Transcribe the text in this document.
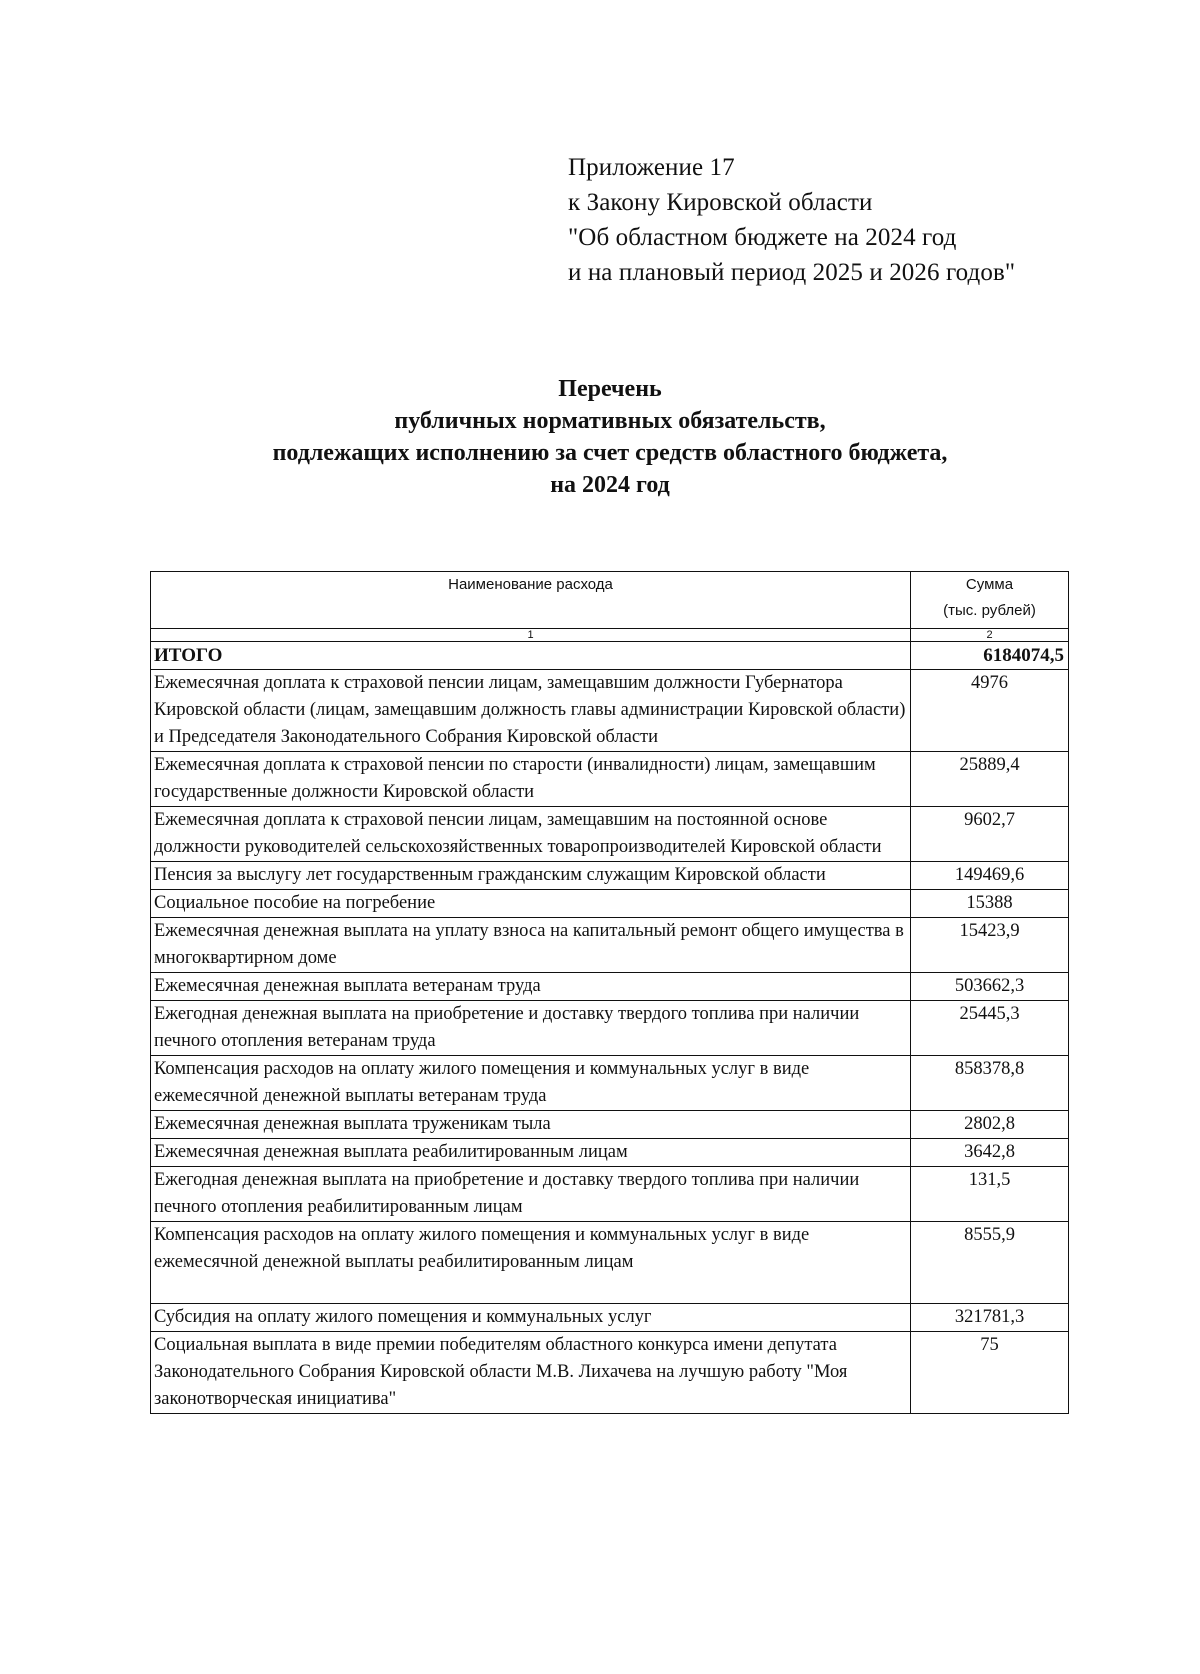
Приложение 17
к Закону Кировской области
"Об областном бюджете на 2024 год
и на плановый период 2025 и 2026 годов"
Перечень
публичных нормативных обязательств,
подлежащих исполнению за счет средств областного бюджета,
на 2024 год
Наименование расхода	Сумма
(тыс. рублей)

1	2
ИТОГО	6184074,5
Ежемесячная доплата к страховой пенсии лицам, замещавшим должности Губернатора Кировской области (лицам, замещавшим должность главы администрации Кировской области) и Председателя Законодательного Собрания Кировской области	4976
Ежемесячная доплата к страховой пенсии по старости (инвалидности) лицам, замещавшим государственные должности Кировской области	25889,4
Ежемесячная доплата к страховой пенсии лицам, замещавшим на постоянной основе должности руководителей сельскохозяйственных товаропроизводителей Кировской области	9602,7
Пенсия за выслугу лет государственным гражданским служащим Кировской области	149469,6
Социальное пособие на погребение	15388
Ежемесячная денежная выплата на уплату взноса на капитальный ремонт общего имущества в многоквартирном доме	15423,9
Ежемесячная денежная выплата ветеранам труда	503662,3
Ежегодная денежная выплата на приобретение и доставку твердого топлива при наличии печного отопления ветеранам труда	25445,3
Компенсация расходов на оплату жилого помещения и коммунальных услуг в виде ежемесячной денежной выплаты ветеранам труда	858378,8
Ежемесячная денежная выплата труженикам тыла	2802,8
Ежемесячная денежная выплата реабилитированным лицам	3642,8
Ежегодная денежная выплата на приобретение и доставку твердого топлива при наличии печного отопления реабилитированным лицам	131,5
Компенсация расходов на оплату жилого помещения и коммунальных услуг в виде ежемесячной денежной выплаты реабилитированным лицам	8555,9
Субсидия на оплату жилого помещения и коммунальных услуг	321781,3
Социальная выплата в виде премии победителям областного конкурса имени депутата Законодательного Собрания Кировской области М.В. Лихачева на лучшую работу "Моя законотворческая инициатива"	75
